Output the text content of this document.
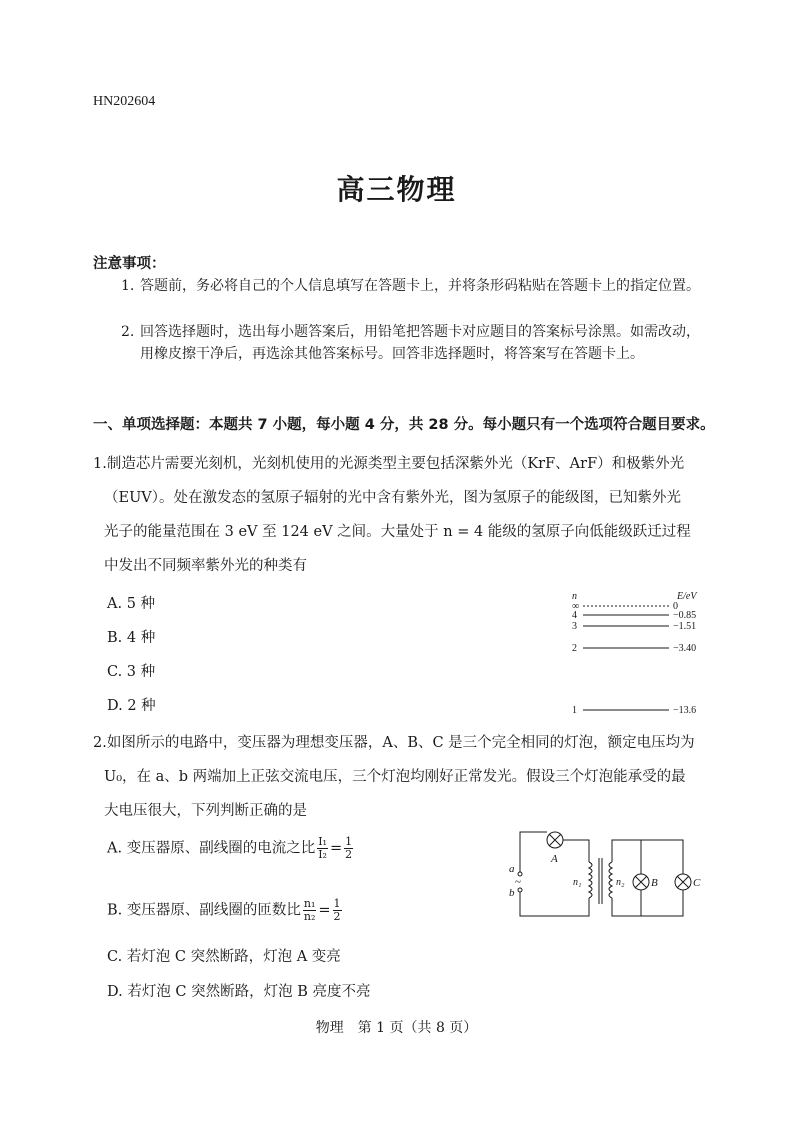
HN202604
高三物理
注意事项：
1. 答题前，务必将自己的个人信息填写在答题卡上，并将条形码粘贴在答题卡上的指定位置。
2. 回答选择题时，选出每小题答案后，用铅笔把答题卡对应题目的答案标号涂黑。如需改动，用橡皮擦干净后，再选涂其他答案标号。回答非选择题时，将答案写在答题卡上。
一、单项选择题：本题共 7 小题，每小题 4 分，共 28 分。每小题只有一个选项符合题目要求。
1.制造芯片需要光刻机，光刻机使用的光源类型主要包括深紫外光（KrF、ArF）和极紫外光
（EUV）。处在激发态的氢原子辐射的光中含有紫外光，图为氢原子的能级图，已知紫外光
光子的能量范围在 3 eV 至 124 eV 之间。大量处于 n = 4 能级的氢原子向低能级跃迁过程
中发出不同频率紫外光的种类有
A. 5 种
B. 4 种
C. 3 种
D. 2 种
n	E/eV
∞	0
4	−0.85
3	−1.51
2	−3.40
1	−13.6
2.如图所示的电路中，变压器为理想变压器，A、B、C 是三个完全相同的灯泡，额定电压均为
U₀，在 a、b 两端加上正弦交流电压，三个灯泡均刚好正常发光。假设三个灯泡能承受的最
大电压很大，下列判断正确的是
A. 变压器原、副线圈的电流之比 $\frac{\text{I₁}}{\text{I₂}} = \frac{1}{2}$
B. 变压器原、副线圈的匝数比 $\frac{\text{n₁}}{\text{n₂}} = \frac{1}{2}$
C. 若灯泡 C 突然断路，灯泡 A 变亮
D. 若灯泡 C 突然断路，灯泡 B 亮度不亮
a
b
~
A
n₁	n₂ B	C
物理　第 1 页（共 8 页）
